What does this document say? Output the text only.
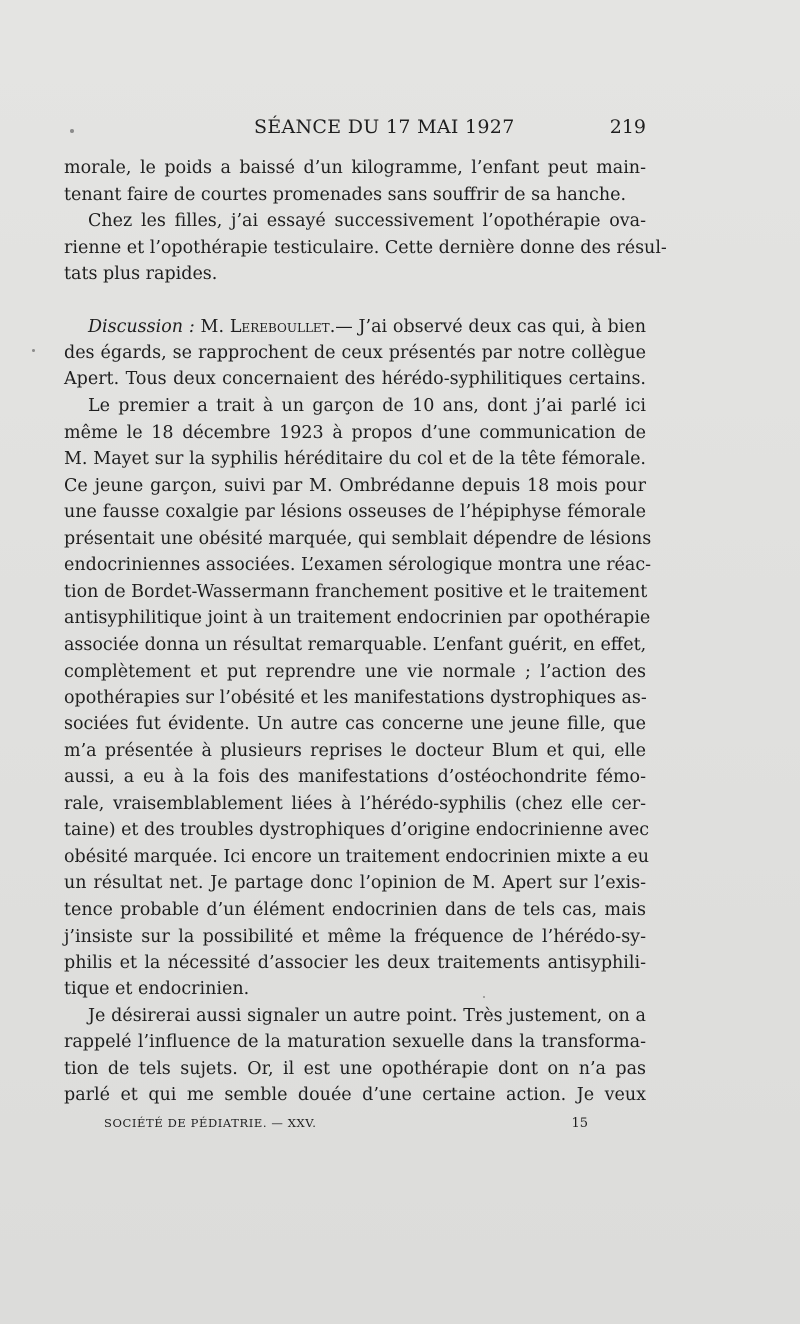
SÉANCE DU 17 MAI 1927	219
morale, le poids a baissé d’un kilogramme, l’enfant peut main-
tenant faire de courtes promenades sans souffrir de sa hanche.
Chez les filles, j’ai essayé successivement l’opothérapie ova-
rienne et l’opothérapie testiculaire. Cette dernière donne des résul-
tats plus rapides.
Discussion : M. Lereboullet.— J’ai observé deux cas qui, à bien
des égards, se rapprochent de ceux présentés par notre collègue
Apert. Tous deux concernaient des hérédo-syphilitiques certains.
Le premier a trait à un garçon de 10 ans, dont j’ai parlé ici
même le 18 décembre 1923 à propos d’une communication de
M. Mayet sur la syphilis héréditaire du col et de la tête fémorale.
Ce jeune garçon, suivi par M. Ombrédanne depuis 18 mois pour
une fausse coxalgie par lésions osseuses de l’hépiphyse fémorale
présentait une obésité marquée, qui semblait dépendre de lésions
endocriniennes associées. L’examen sérologique montra une réac-
tion de Bordet-Wassermann franchement positive et le traitement
antisyphilitique joint à un traitement endocrinien par opothérapie
associée donna un résultat remarquable. L’enfant guérit, en effet,
complètement et put reprendre une vie normale ; l’action des
opothérapies sur l’obésité et les manifestations dystrophiques as-
sociées fut évidente. Un autre cas concerne une jeune fille, que
m’a présentée à plusieurs reprises le docteur Blum et qui, elle
aussi, a eu à la fois des manifestations d’ostéochondrite fémo-
rale, vraisemblablement liées à l’hérédo-syphilis (chez elle cer-
taine) et des troubles dystrophiques d’origine endocrinienne avec
obésité marquée. Ici encore un traitement endocrinien mixte a eu
un résultat net. Je partage donc l’opinion de M. Apert sur l’exis-
tence probable d’un élément endocrinien dans de tels cas, mais
j’insiste sur la possibilité et même la fréquence de l’hérédo-sy-
philis et la nécessité d’associer les deux traitements antisyphili-
tique et endocrinien.
Je désirerai aussi signaler un autre point. Très justement, on a
rappelé l’influence de la maturation sexuelle dans la transforma-
tion de tels sujets. Or, il est une opothérapie dont on n’a pas
parlé et qui me semble douée d’une certaine action. Je veux
SOCIÉTÉ DE PÉDIATRIE. — XXV.	15
